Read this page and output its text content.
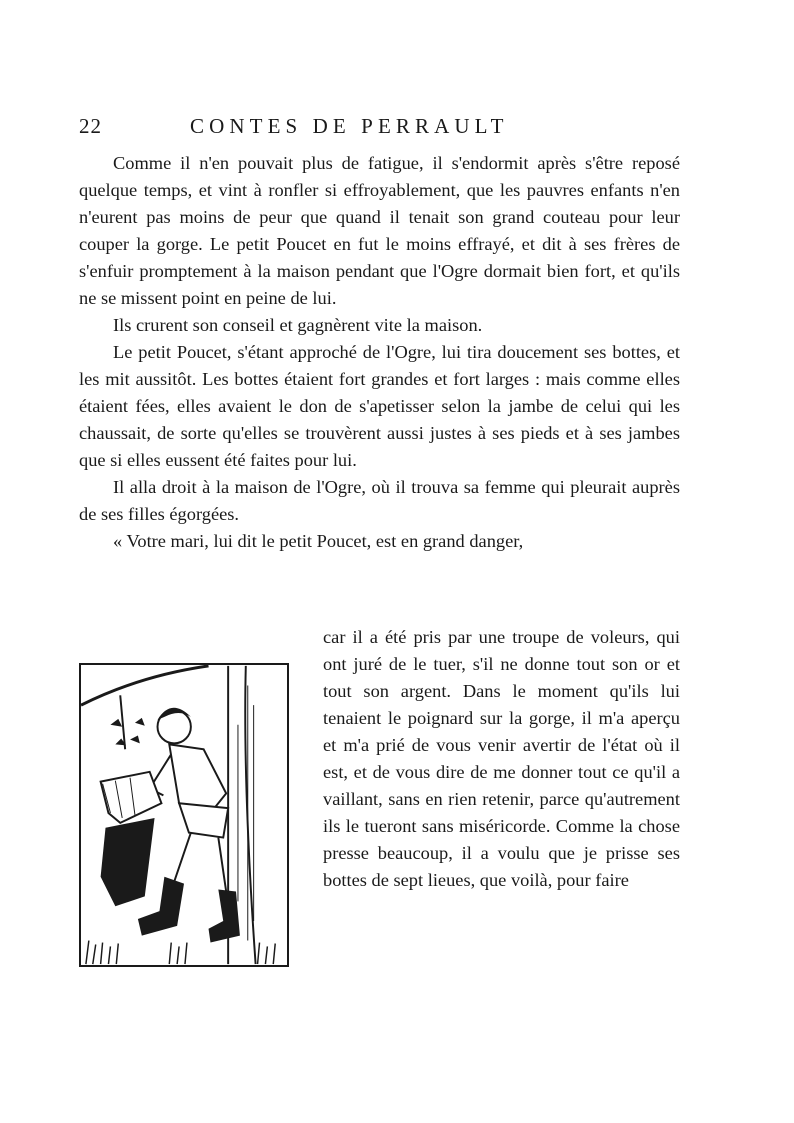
22	CONTES DE PERRAULT

Comme il n'en pouvait plus de fatigue, il s'endormit après s'être reposé quelque temps, et vint à ronfler si effroyablement, que les pauvres enfants n'en n'eurent pas moins de peur que quand il tenait son grand couteau pour leur couper la gorge. Le petit Poucet en fut le moins effrayé, et dit à ses frères de s'enfuir promptement à la maison pendant que l'Ogre dormait bien fort, et qu'ils ne se missent point en peine de lui.

Ils crurent son conseil et gagnèrent vite la maison.

Le petit Poucet, s'étant approché de l'Ogre, lui tira doucement ses bottes, et les mit aussitôt. Les bottes étaient fort grandes et fort larges : mais comme elles étaient fées, elles avaient le don de s'apetisser selon la jambe de celui qui les chaussait, de sorte qu'elles se trouvèrent aussi justes à ses pieds et à ses jambes que si elles eussent été faites pour lui.

Il alla droit à la maison de l'Ogre, où il trouva sa femme qui pleurait auprès de ses filles égorgées.

« Votre mari, lui dit le petit Poucet, est en grand danger,

car il a été pris par une troupe de voleurs, qui ont juré de le tuer, s'il ne donne tout son or et tout son argent. Dans le moment qu'ils lui tenaient le poignard sur la gorge, il m'a aperçu et m'a prié de vous venir avertir de l'état où il est, et de vous dire de me donner tout ce qu'il a vaillant, sans en rien retenir, parce qu'autrement ils le tueront sans miséricorde. Comme la chose presse beaucoup, il a voulu que je prisse ses bottes de sept lieues, que voilà, pour faire
